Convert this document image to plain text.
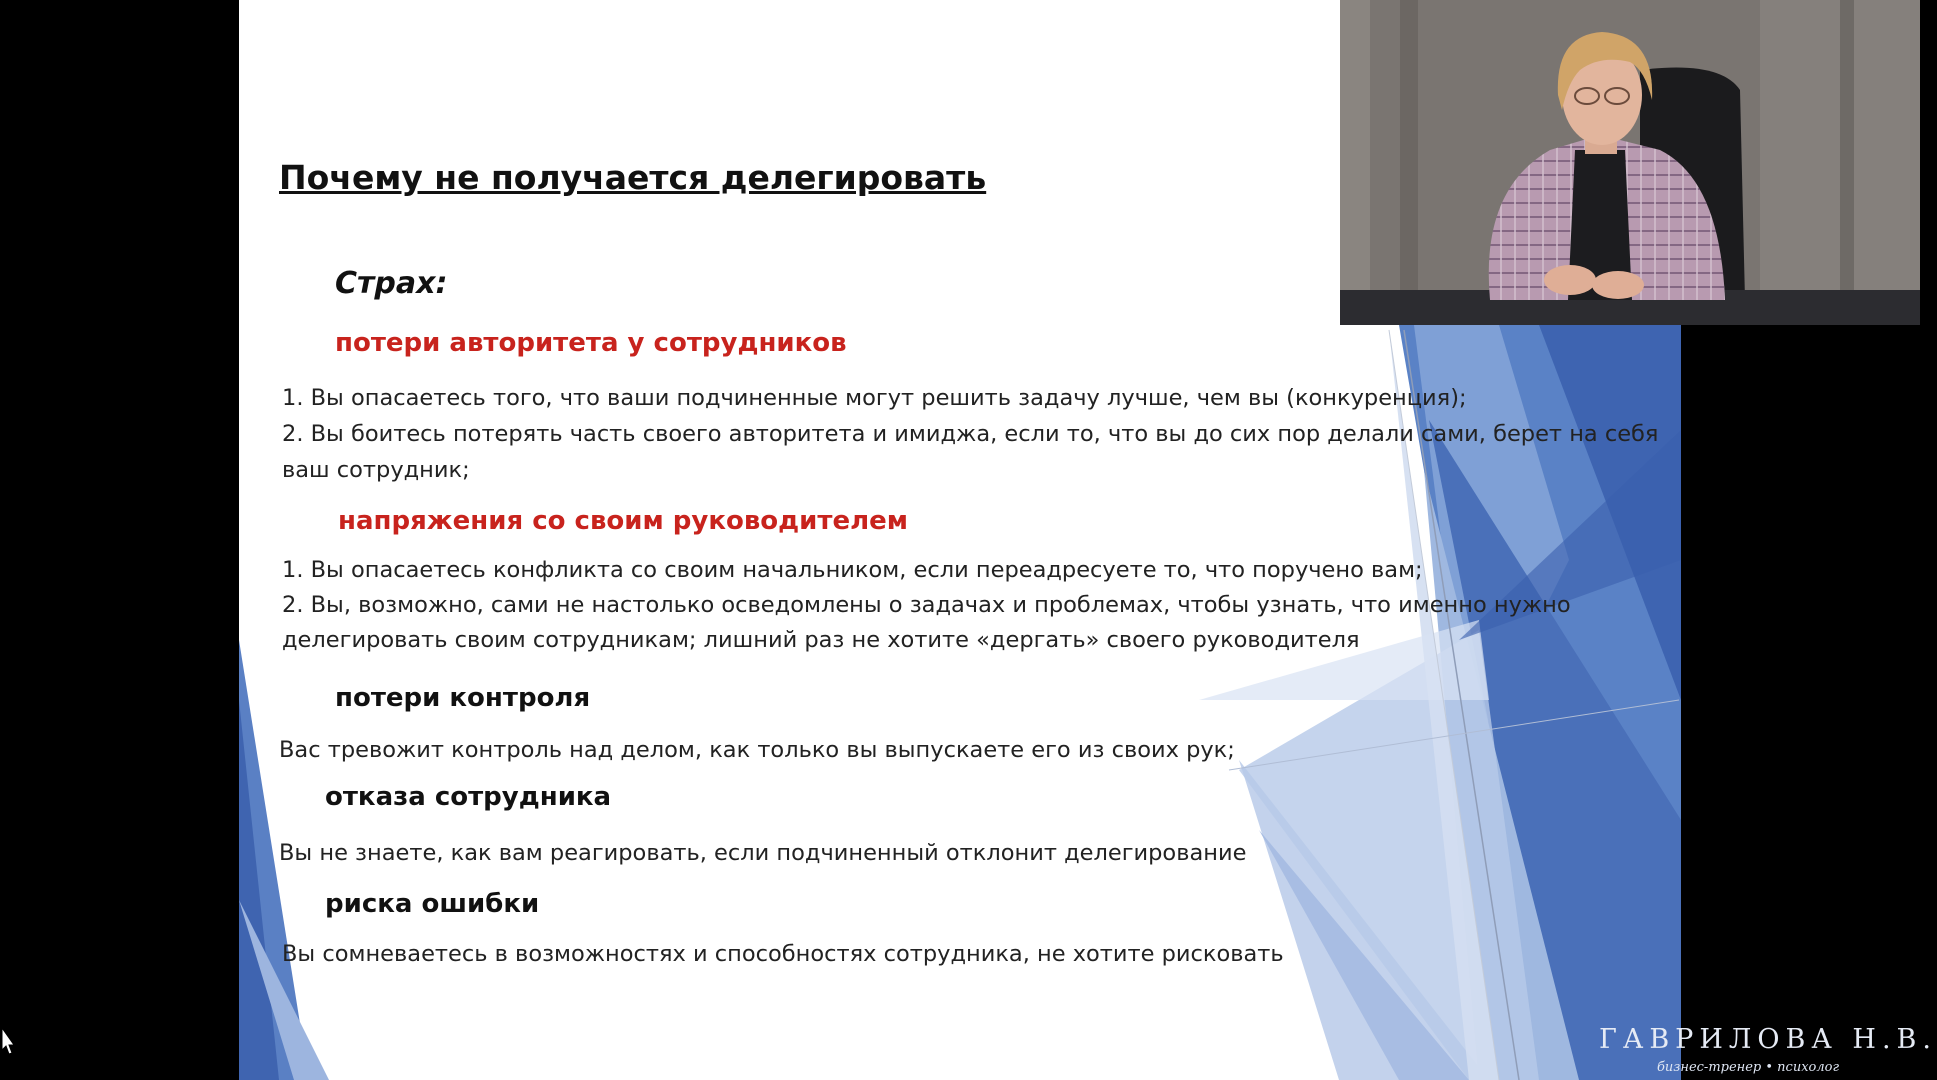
Почему не получается делегировать
Страх:
потери авторитета у сотрудников
1. Вы опасаетесь того, что ваши подчиненные могут решить задачу лучше, чем вы (конкуренция);
2. Вы боитесь потерять часть своего авторитета и имиджа, если то, что вы до сих пор делали сами, берет на себя
ваш сотрудник;
напряжения со своим руководителем
1. Вы опасаетесь конфликта со своим начальником, если переадресуете то, что поручено вам;
2. Вы, возможно, сами не настолько осведомлены о задачах и проблемах, чтобы узнать, что именно нужно
делегировать своим сотрудникам; лишний раз не хотите «дергать» своего руководителя
потери контроля
Вас тревожит контроль над делом, как только вы выпускаете его из своих рук;
отказа сотрудника
Вы не знаете, как вам реагировать, если подчиненный отклонит делегирование
риска ошибки
Вы сомневаетесь в возможностях и способностях сотрудника, не хотите рисковать
ГАВРИЛОВА Н.В.
бизнес-тренер • психолог
